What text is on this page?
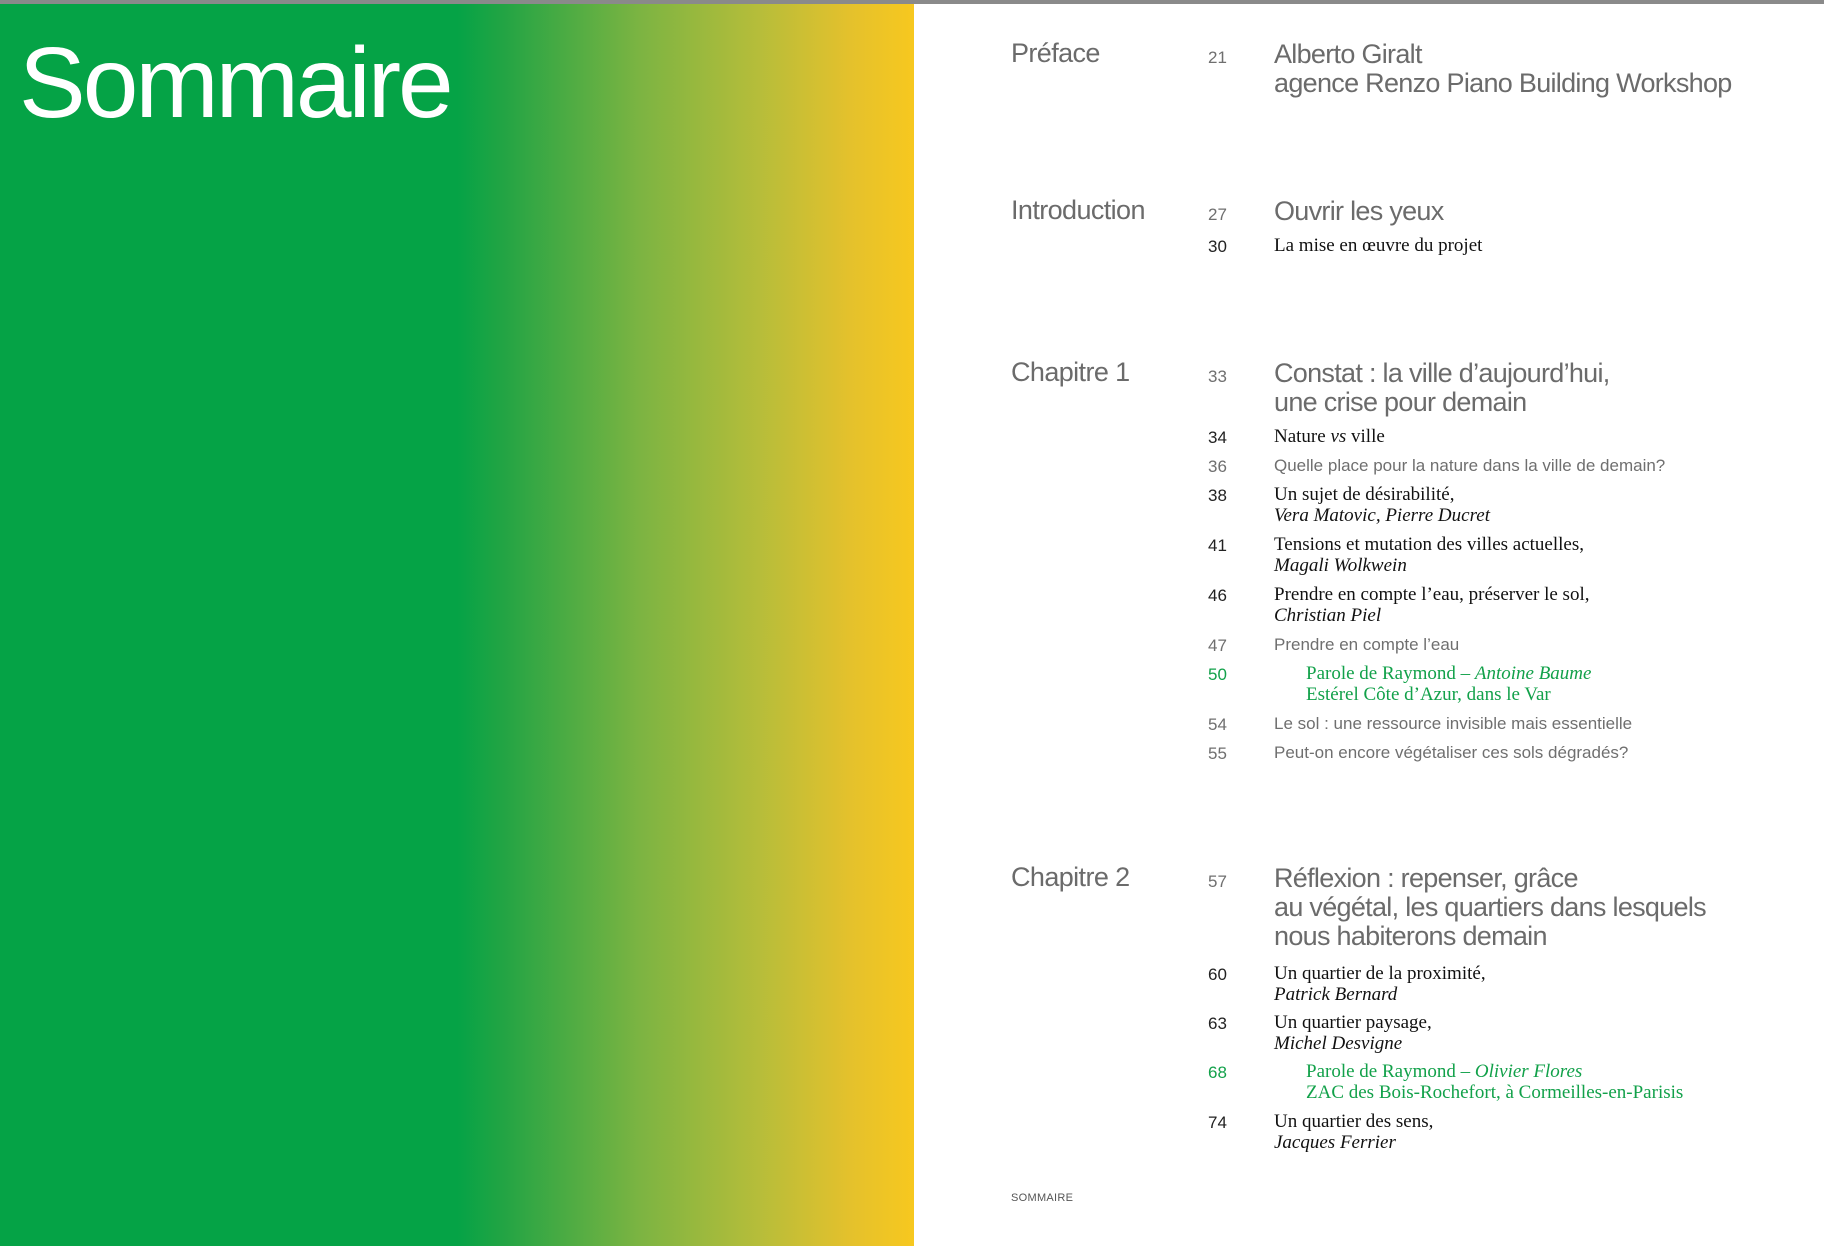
Sommaire	Préface	21 Alberto Giralt
agence Renzo Piano Building Workshop
Introduction	27 Ouvrir les yeux
30 La mise en œuvre du projet
Chapitre 1	33 Constat : la ville d’aujourd’hui,
une crise pour demain
34 Nature vs ville
36	Quelle place pour la nature dans la ville de demain?
38 Un sujet de désirabilité,
Vera Matovic, Pierre Ducret
41 Tensions et mutation des villes actuelles,
Magali Wolkwein
46 Prendre en compte l’eau, préserver le sol,
Christian Piel
47	Prendre en compte l’eau
50	Parole de Raymond – Antoine Baume
Estérel Côte d’Azur, dans le Var
54	Le sol : une ressource invisible mais essentielle
55	Peut-on encore végétaliser ces sols dégradés?
Chapitre 2	57 Réflexion : repenser, grâce
au végétal, les quartiers dans lesquels
nous habiterons demain
60 Un quartier de la proximité,
Patrick Bernard
63 Un quartier paysage,
Michel Desvigne
68	Parole de Raymond – Olivier Flores
ZAC des Bois-Rochefort, à Cormeilles-en-Parisis
74 Un quartier des sens,
Jacques Ferrier
SOMMAIRE
